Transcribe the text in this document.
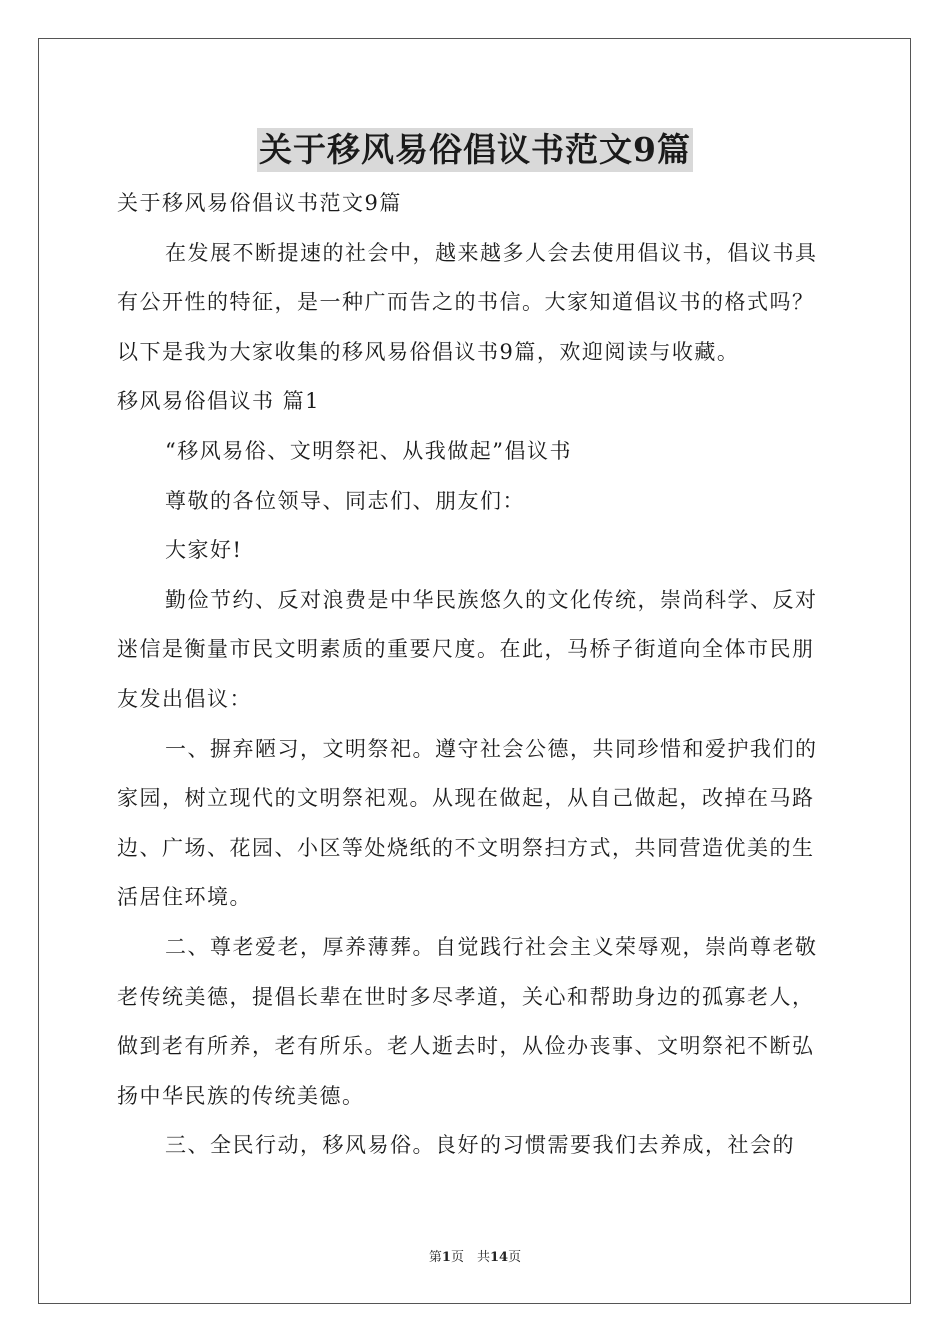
关于移风易俗倡议书范文9篇

关于移风易俗倡议书范文9篇

在发展不断提速的社会中，越来越多人会去使用倡议书，倡议书具有公开性的特征，是一种广而告之的书信。大家知道倡议书的格式吗？以下是我为大家收集的移风易俗倡议书9篇，欢迎阅读与收藏。

移风易俗倡议书 篇1

“移风易俗、文明祭祀、从我做起”倡议书

尊敬的各位领导、同志们、朋友们：

大家好!

勤俭节约、反对浪费是中华民族悠久的文化传统，崇尚科学、反对迷信是衡量市民文明素质的重要尺度。在此，马桥子街道向全体市民朋友发出倡议：

一、摒弃陋习，文明祭祀。遵守社会公德，共同珍惜和爱护我们的家园，树立现代的文明祭祀观。从现在做起，从自己做起，改掉在马路边、广场、花园、小区等处烧纸的不文明祭扫方式，共同营造优美的生活居住环境。

二、尊老爱老，厚养薄葬。自觉践行社会主义荣辱观，崇尚尊老敬老传统美德，提倡长辈在世时多尽孝道，关心和帮助身边的孤寡老人，做到老有所养，老有所乐。老人逝去时，从俭办丧事、文明祭祀不断弘扬中华民族的传统美德。

三、全民行动，移风易俗。良好的习惯需要我们去养成，社会的

第1页　共14页
